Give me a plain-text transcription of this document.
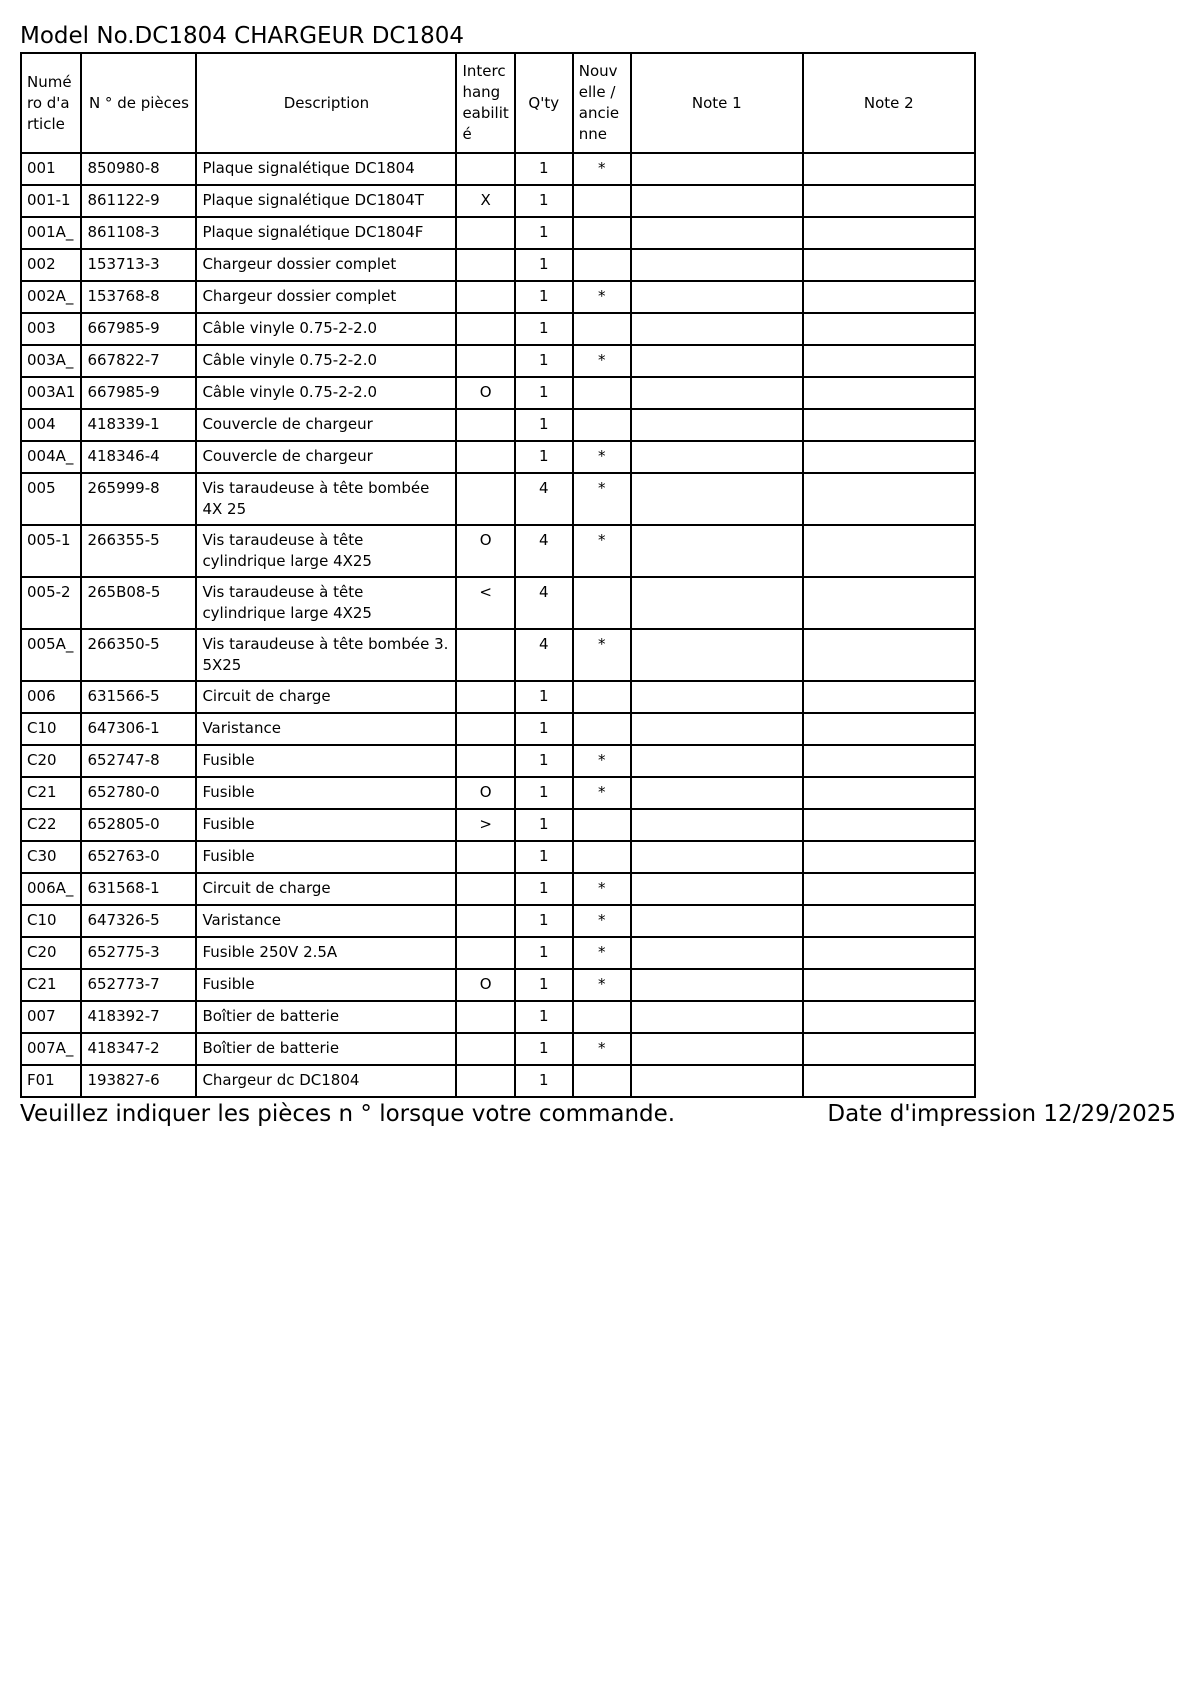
Model No.DC1804 CHARGEUR DC1804
Numé ro d'a rticle	N ° de pièces	Description	Interc hang eabilit é	Q'ty	Nouv elle / ancie nne	Note 1	Note 2
001	850980-8	Plaque signalétique DC1804		1	*		
001-1	861122-9	Plaque signalétique DC1804T	X	1			
001A_	861108-3	Plaque signalétique DC1804F		1			
002	153713-3	Chargeur dossier complet		1			
002A_	153768-8	Chargeur dossier complet		1	*		
003	667985-9	Câble vinyle 0.75-2-2.0		1			
003A_	667822-7	Câble vinyle 0.75-2-2.0		1	*		
003A1	667985-9	Câble vinyle 0.75-2-2.0	O	1			
004	418339-1	Couvercle de chargeur		1			
004A_	418346-4	Couvercle de chargeur		1	*		
005	265999-8	Vis taraudeuse à tête bombée 4X 25		4	*		
005-1	266355-5	Vis taraudeuse à tête cylindrique large 4X25	O	4	*		
005-2	265B08-5	Vis taraudeuse à tête cylindrique large 4X25	<	4			
005A_	266350-5	Vis taraudeuse à tête bombée 3. 5X25		4	*		
006	631566-5	Circuit de charge		1			
C10	647306-1	Varistance		1			
C20	652747-8	Fusible		1	*		
C21	652780-0	Fusible	O	1	*		
C22	652805-0	Fusible	>	1			
C30	652763-0	Fusible		1			
006A_	631568-1	Circuit de charge		1	*		
C10	647326-5	Varistance		1	*		
C20	652775-3	Fusible 250V 2.5A		1	*		
C21	652773-7	Fusible	O	1	*		
007	418392-7	Boîtier de batterie		1			
007A_	418347-2	Boîtier de batterie		1	*		
F01	193827-6	Chargeur dc DC1804		1			
Veuillez indiquer les pièces n ° lorsque votre commande.	Date d'impression 12/29/2025
